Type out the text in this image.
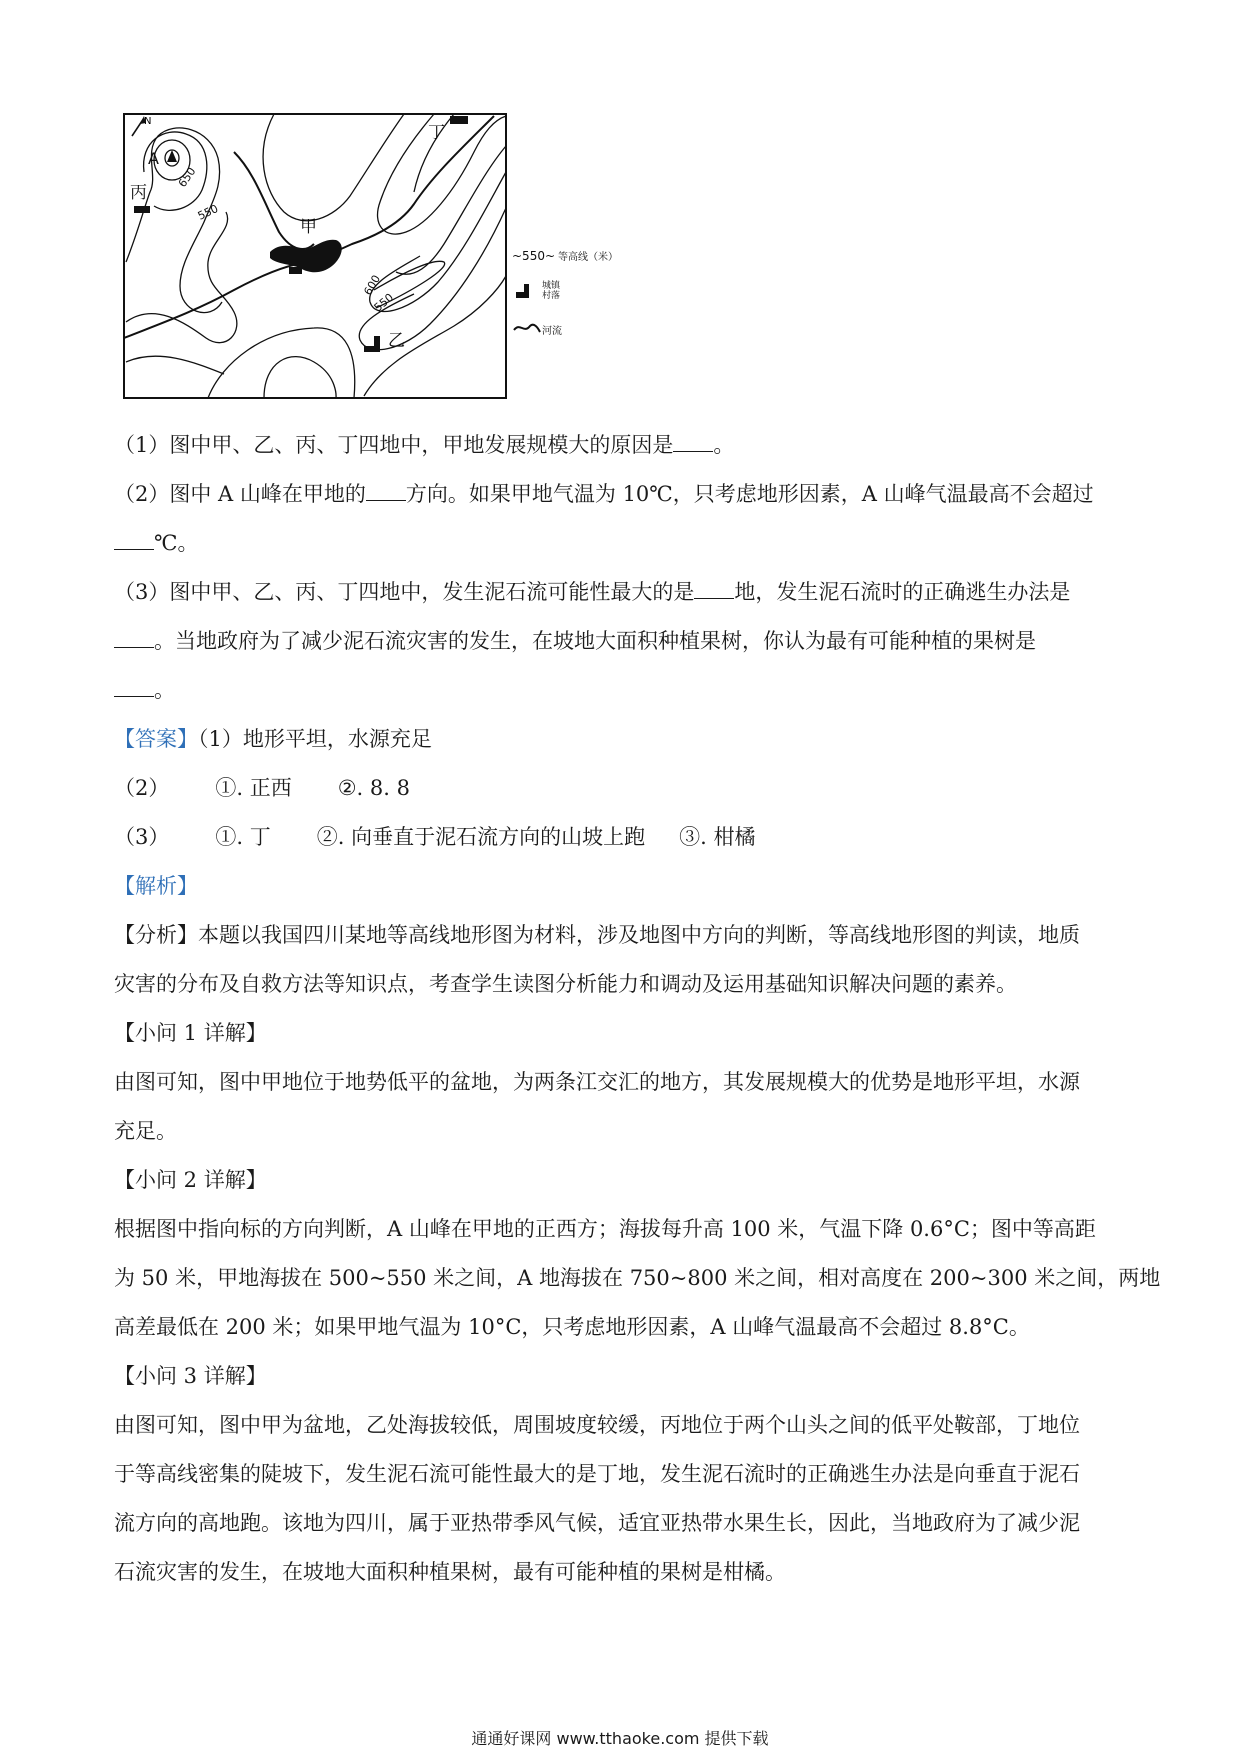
N
A
甲
乙
丙
丁
650
550
600
550
~550~ 等高线（米）
城镇
村落
河流
（1）图中甲、乙、丙、丁四地中，甲地发展规模大的原因是 。
（2）图中 A 山峰在甲地的 方向。如果甲地气温为 10℃，只考虑地形因素，A 山峰气温最高不会超过
℃。
（3）图中甲、乙、丙、丁四地中，发生泥石流可能性最大的是 地，发生泥石流时的正确逃生办法是
。当地政府为了减少泥石流灾害的发生，在坡地大面积种植果树，你认为最有可能种植的果树是
。
【答案】（1）地形平坦，水源充足
（2） ①. 正西 ②. 8. 8
（3） ①. 丁 ②. 向垂直于泥石流方向的山坡上跑 ③. 柑橘
【解析】
【分析】本题以我国四川某地等高线地形图为材料，涉及地图中方向的判断，等高线地形图的判读，地质
灾害的分布及自救方法等知识点，考查学生读图分析能力和调动及运用基础知识解决问题的素养。
【小问 1 详解】
由图可知，图中甲地位于地势低平的盆地，为两条江交汇的地方，其发展规模大的优势是地形平坦，水源
充足。
【小问 2 详解】
根据图中指向标的方向判断，A 山峰在甲地的正西方；海拔每升高 100 米，气温下降 0.6°C；图中等高距
为 50 米，甲地海拔在 500~550 米之间，A 地海拔在 750~800 米之间，相对高度在 200~300 米之间，两地
高差最低在 200 米；如果甲地气温为 10°C，只考虑地形因素，A 山峰气温最高不会超过 8.8°C。
【小问 3 详解】
由图可知，图中甲为盆地，乙处海拔较低，周围坡度较缓，丙地位于两个山头之间的低平处鞍部，丁地位
于等高线密集的陡坡下，发生泥石流可能性最大的是丁地，发生泥石流时的正确逃生办法是向垂直于泥石
流方向的高地跑。该地为四川，属于亚热带季风气候，适宜亚热带水果生长，因此，当地政府为了减少泥
石流灾害的发生，在坡地大面积种植果树，最有可能种植的果树是柑橘。
通通好课网 www.tthaoke.com 提供下载
